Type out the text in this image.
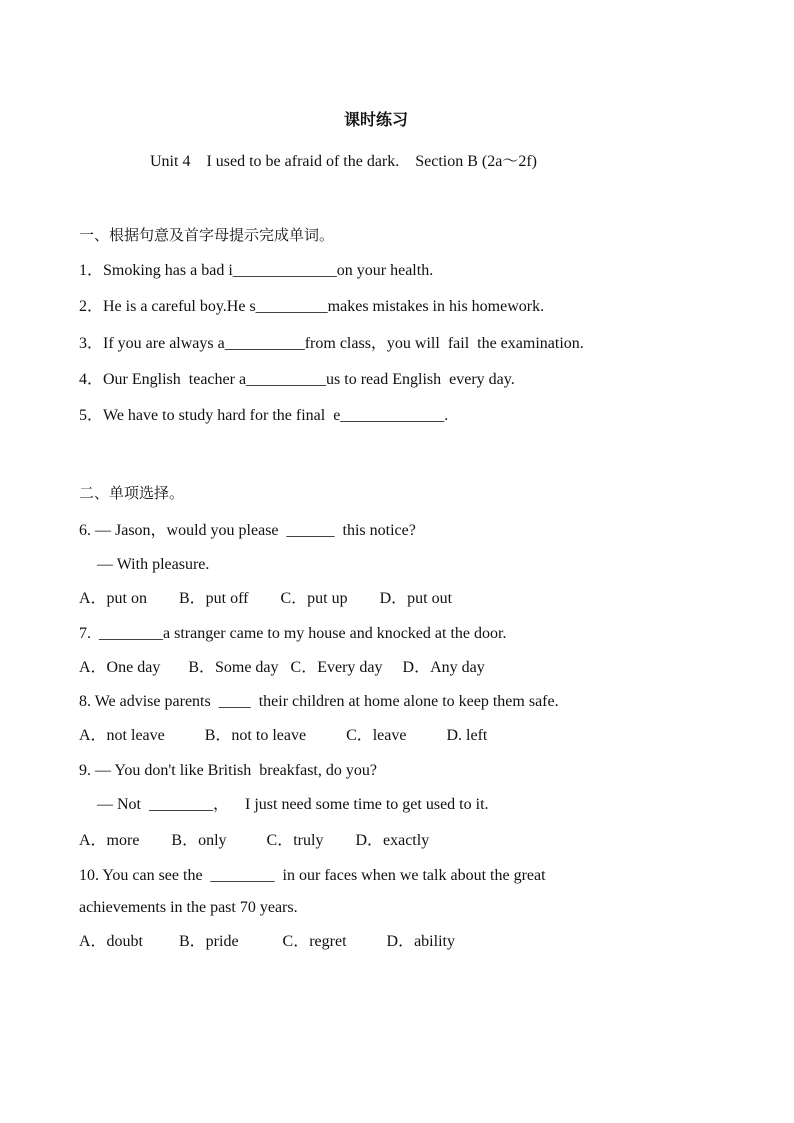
课时练习
Unit 4    I used to be afraid of the dark.    Section B (2a～2f)
一、根据句意及首字母提示完成单词。
1．Smoking has a bad i_____________on your health.
2．He is a careful boy.He s_________makes mistakes in his homework.
3．If you are always a__________from class，you will  fail  the examination.
4．Our English  teacher a__________us to read English  every day.
5．We have to study hard for the final  e_____________.
二、单项选择。
6. — Jason，would you please  ______  this notice?
— With pleasure.
A．put on        B．put off        C．put up        D．put out
7.  ________a stranger came to my house and knocked at the door.
A．One day       B．Some day   C．Every day     D．Any day
8. We advise parents  ____  their children at home alone to keep them safe.
A．not leave          B．not to leave          C．leave          D. left
9. — You don't like British  breakfast, do you?
— Not  ________，    I just need some time to get used to it.
A．more        B．only          C．truly        D．exactly
10. You can see the  ________  in our faces when we talk about the great
achievements in the past 70 years.
A．doubt         B．pride           C．regret          D．ability
